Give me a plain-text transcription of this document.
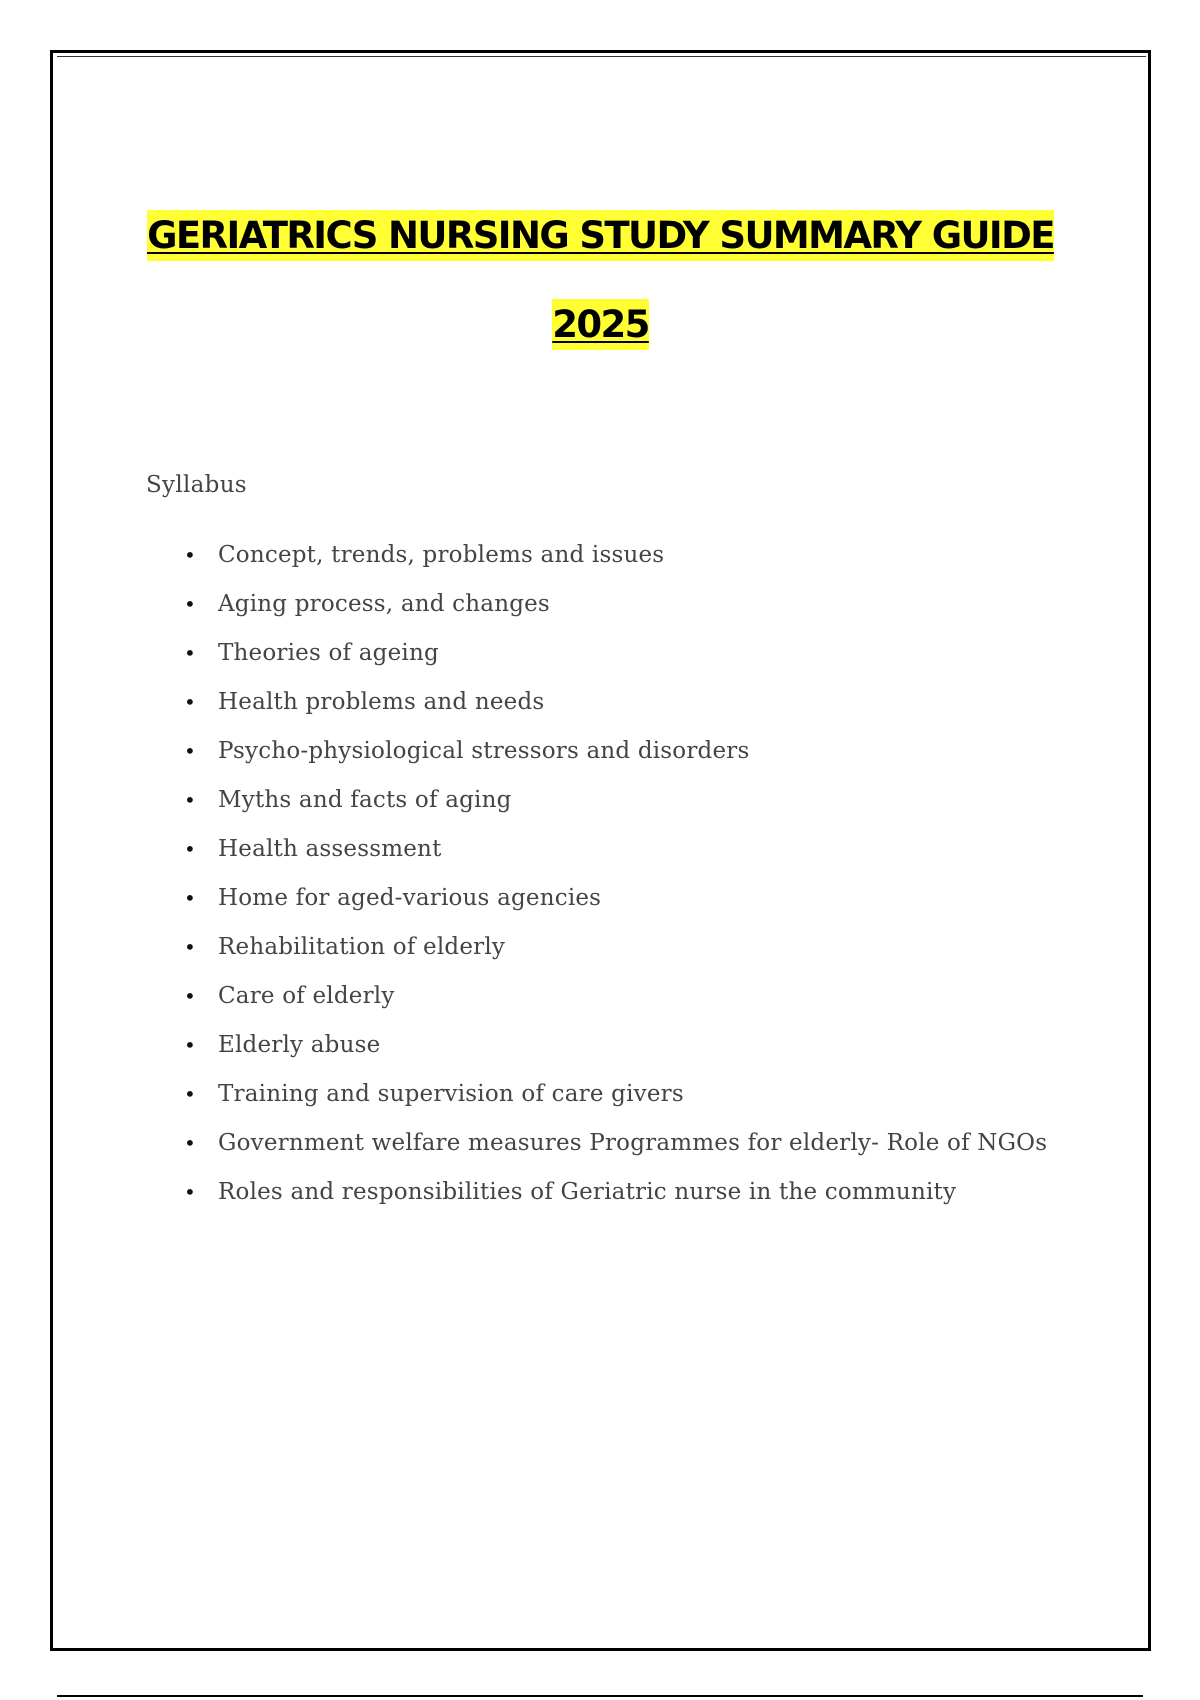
GERIATRICS NURSING STUDY SUMMARY GUIDE
2025
Syllabus
• Concept, trends, problems and issues
• Aging process, and changes
• Theories of ageing
• Health problems and needs
• Psycho-physiological stressors and disorders
• Myths and facts of aging
• Health assessment
• Home for aged-various agencies
• Rehabilitation of elderly
• Care of elderly
• Elderly abuse
• Training and supervision of care givers
• Government welfare measures Programmes for elderly- Role of NGOs
• Roles and responsibilities of Geriatric nurse in the community
